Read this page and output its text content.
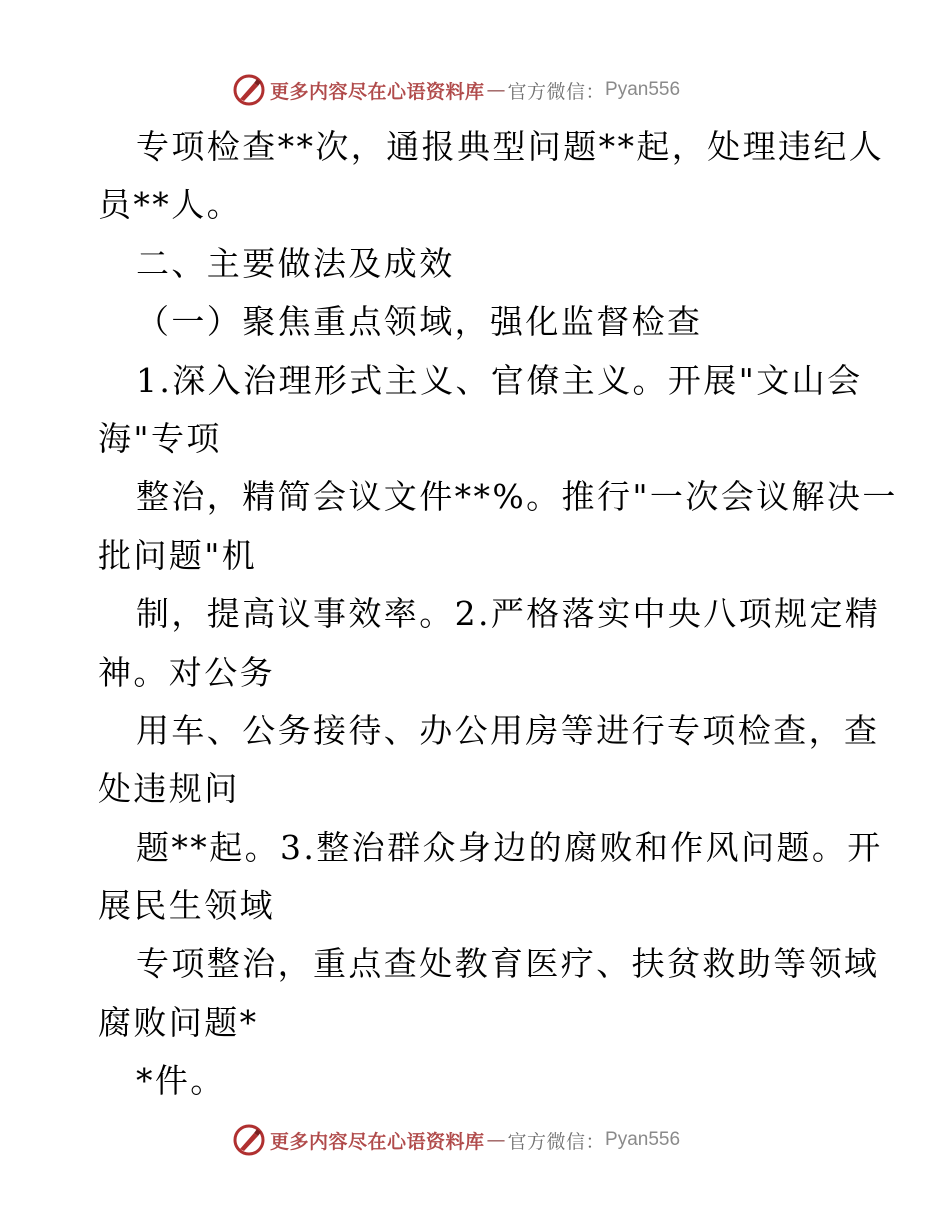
更多内容尽在心语资料库 — 官方微信： Pyan556
专项检查**次，通报典型问题**起，处理违纪人
员**人。
二、主要做法及成效
（一）聚焦重点领域，强化监督检查
1.深入治理形式主义、官僚主义。开展"文山会
海"专项
整治，精简会议文件**%。推行"一次会议解决一
批问题"机
制，提高议事效率。2.严格落实中央八项规定精
神。对公务
用车、公务接待、办公用房等进行专项检查，查
处违规问
题**起。3.整治群众身边的腐败和作风问题。开
展民生领域
专项整治，重点查处教育医疗、扶贫救助等领域
腐败问题*
*件。
更多内容尽在心语资料库 — 官方微信： Pyan556
